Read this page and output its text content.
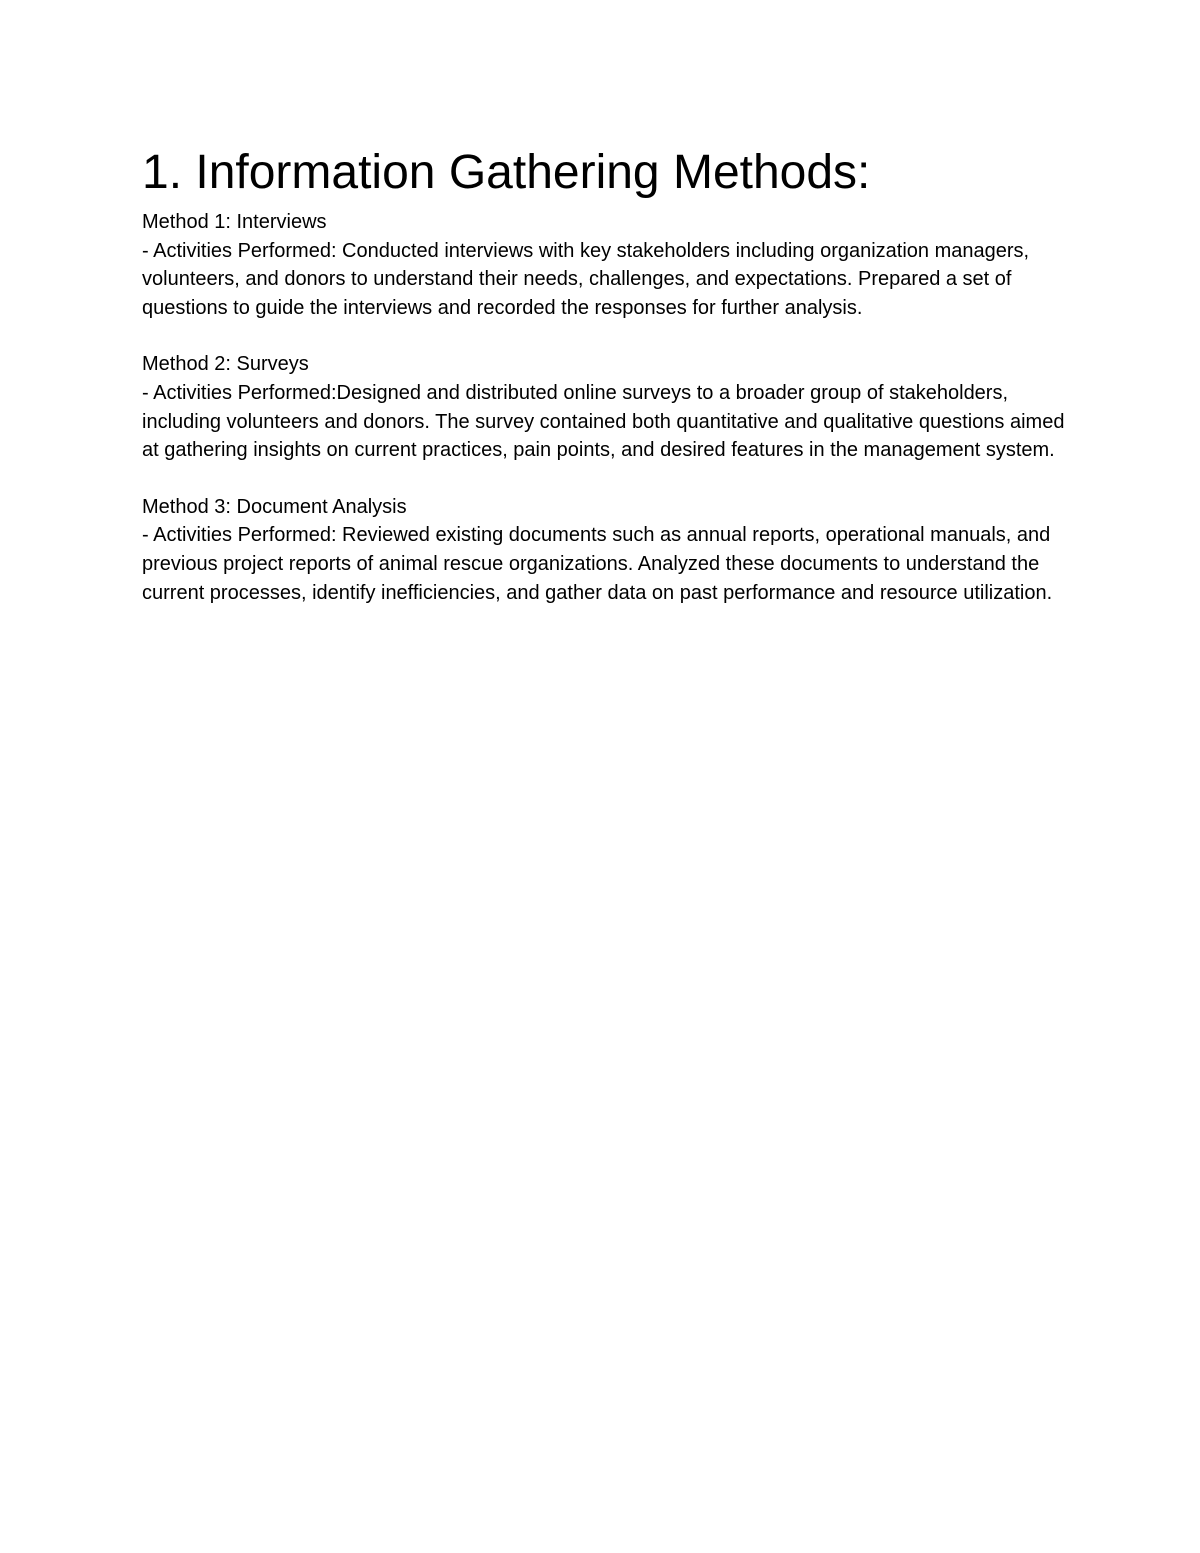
1. Information Gathering Methods:

Method 1: Interviews

- Activities Performed: Conducted interviews with key stakeholders including organization managers, volunteers, and donors to understand their needs, challenges, and expectations. Prepared a set of questions to guide the interviews and recorded the responses for further analysis.

Method 2: Surveys

- Activities Performed:Designed and distributed online surveys to a broader group of stakeholders, including volunteers and donors. The survey contained both quantitative and qualitative questions aimed at gathering insights on current practices, pain points, and desired features in the management system.

Method 3: Document Analysis

- Activities Performed: Reviewed existing documents such as annual reports, operational manuals, and previous project reports of animal rescue organizations. Analyzed these documents to understand the current processes, identify inefficiencies, and gather data on past performance and resource utilization.
